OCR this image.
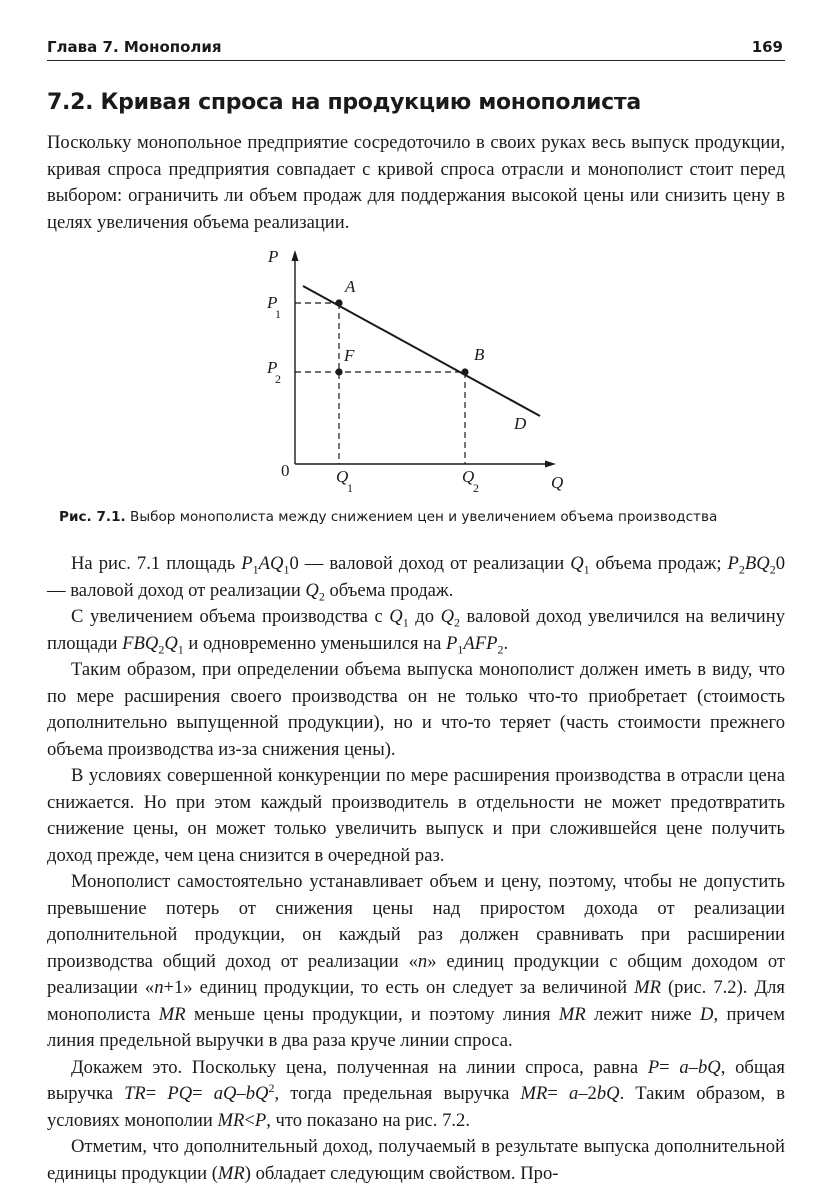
Глава 7. Монополия	169
7.2. Кривая спроса на продукцию монополиста

Поскольку монопольное предприятие сосредоточило в своих руках весь выпуск продукции, кривая спроса предприятия совпадает с кривой спроса отрасли и монополист стоит перед выбором: ограничить ли объем продаж для поддержания высокой цены или снизить цену в целях увеличения объема реализации.

P
Q
0
P
1
P
2
Q
1
Q
2
A
F	B
D

Рис. 7.1. Выбор монополиста между снижением цен и увеличением объема производства

На рис. 7.1 площадь $P_1AQ_10$ — валовой доход от реализации $Q_1$ объема продаж; $P_2BQ_20$ — валовой доход от реализации $Q_2$ объема продаж.

С увеличением объема производства с $Q_1$ до $Q_2$ валовой доход увеличился на величину площади $FBQ_2Q_1$ и одновременно уменьшился на $P_1AFP_2$.

Таким образом, при определении объема выпуска монополист должен иметь в виду, что по мере расширения своего производства он не только что-то приобретает (стоимость дополнительно выпущенной продукции), но и что-то теряет (часть стоимости прежнего объема производства из-за снижения цены).

В условиях совершенной конкуренции по мере расширения производства в отрасли цена снижается. Но при этом каждый производитель в отдельности не может предотвратить снижение цены, он может только увеличить выпуск и при сложившейся цене получить доход прежде, чем цена снизится в очередной раз.

Монополист самостоятельно устанавливает объем и цену, поэтому, чтобы не допустить превышение потерь от снижения цены над приростом дохода от реализации дополнительной продукции, он каждый раз должен сравнивать при расширении производства общий доход от реализации «n» единиц продукции с общим доходом от реализации «n+1» единиц продукции, то есть он следует за величиной MR (рис. 7.2). Для монополиста MR меньше цены продукции, и поэтому линия MR лежит ниже D, причем линия предельной выручки в два раза круче линии спроса.

Докажем это. Поскольку цена, полученная на линии спроса, равна P= a–bQ, общая выручка $TR= PQ= aQ-bQ^2$, тогда предельная выручка MR= a–2bQ. Таким образом, в условиях монополии MR<P, что показано на рис. 7.2.

Отметим, что дополнительный доход, получаемый в результате выпуска дополнительной единицы продукции (MR) обладает следующим свойством. Про-
